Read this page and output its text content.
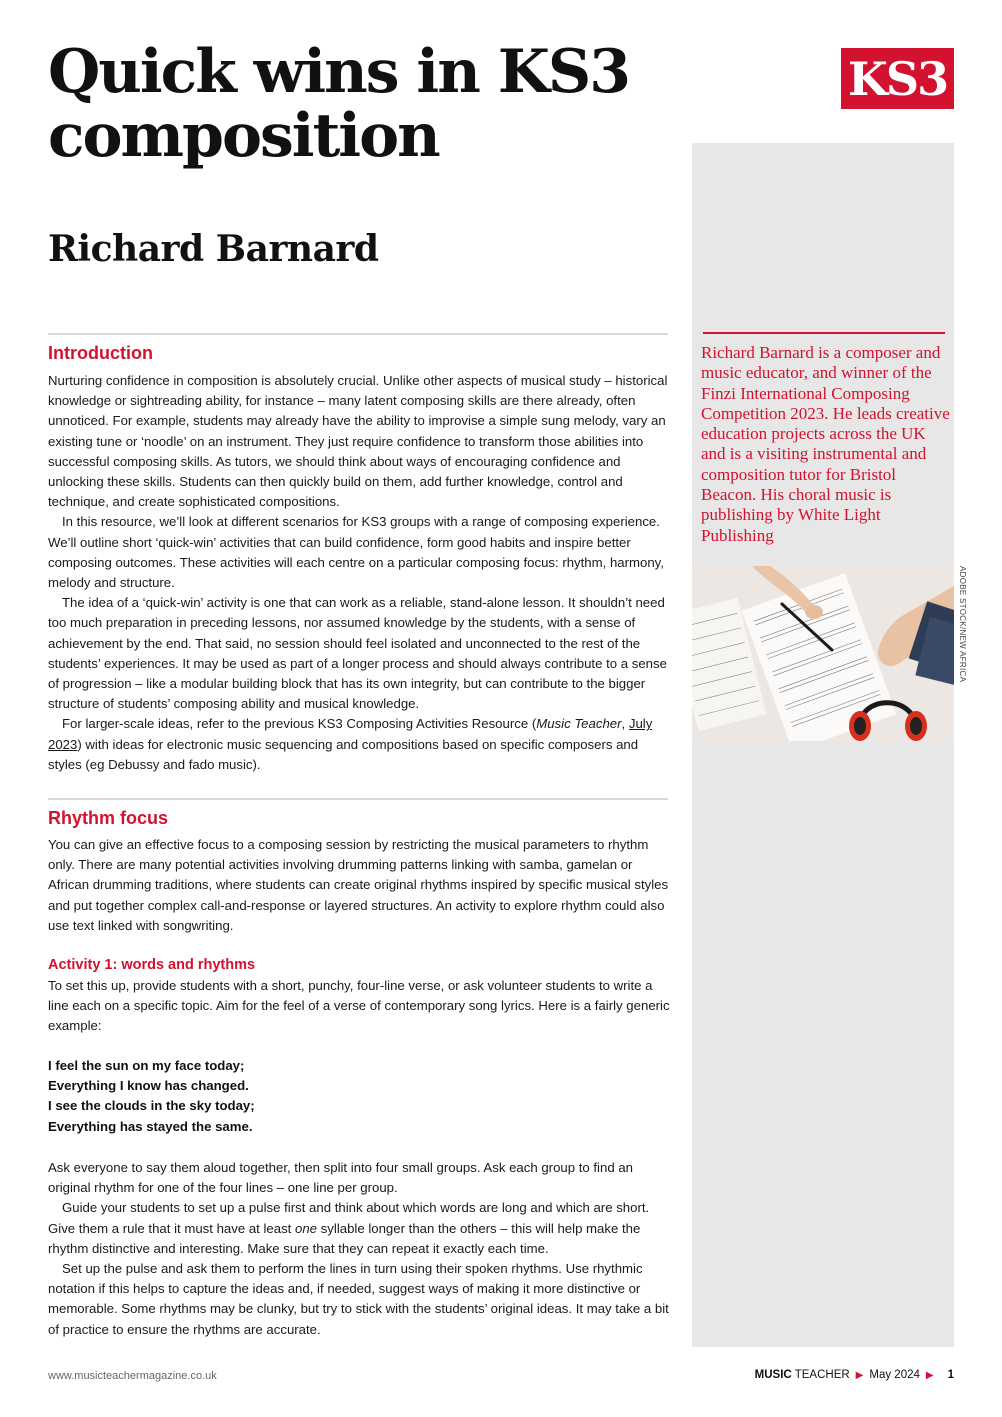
Quick wins in KS3 composition
Richard Barnard
KS3

Richard Barnard is a composer and music educator, and winner of the Finzi International Composing Competition 2023. He leads creative education projects across the UK and is a visiting instrumental and composition tutor for Bristol Beacon. His choral music is publishing by White Light Publishing

ADOBE STOCK/NEW AFRICA
Introduction

Nurturing confidence in composition is absolutely crucial. Unlike other aspects of musical study – historical knowledge or sightreading ability, for instance – many latent composing skills are there already, often unnoticed. For example, students may already have the ability to improvise a simple sung melody, vary an existing tune or ‘noodle’ on an instrument. They just require confidence to transform those abilities into successful composing skills. As tutors, we should think about ways of encouraging confidence and unlocking these skills. Students can then quickly build on them, add further knowledge, control and technique, and create sophisticated compositions.

In this resource, we’ll look at different scenarios for KS3 groups with a range of composing experience. We’ll outline short ‘quick-win’ activities that can build confidence, form good habits and inspire better composing outcomes. These activities will each centre on a particular composing focus: rhythm, harmony, melody and structure.

The idea of a ‘quick-win’ activity is one that can work as a reliable, stand-alone lesson. It shouldn’t need too much preparation in preceding lessons, nor assumed knowledge by the students, with a sense of achievement by the end. That said, no session should feel isolated and unconnected to the rest of the students’ experiences. It may be used as part of a longer process and should always contribute to a sense of progression – like a modular building block that has its own integrity, but can contribute to the bigger structure of students’ composing ability and musical knowledge.

For larger-scale ideas, refer to the previous KS3 Composing Activities Resource (Music Teacher, July 2023) with ideas for electronic music sequencing and compositions based on specific composers and styles (eg Debussy and fado music).

Rhythm focus

You can give an effective focus to a composing session by restricting the musical parameters to rhythm only. There are many potential activities involving drumming patterns linking with samba, gamelan or African drumming traditions, where students can create original rhythms inspired by specific musical styles and put together complex call-and-response or layered structures. An activity to explore rhythm could also use text linked with songwriting.

Activity 1: words and rhythms

To set this up, provide students with a short, punchy, four-line verse, or ask volunteer students to write a line each on a specific topic. Aim for the feel of a verse of contemporary song lyrics. Here is a fairly generic example:

I feel the sun on my face today;
Everything I know has changed.
I see the clouds in the sky today;
Everything has stayed the same.

Ask everyone to say them aloud together, then split into four small groups. Ask each group to find an original rhythm for one of the four lines – one line per group.

Guide your students to set up a pulse first and think about which words are long and which are short. Give them a rule that it must have at least one syllable longer than the others – this will help make the rhythm distinctive and interesting. Make sure that they can repeat it exactly each time.

Set up the pulse and ask them to perform the lines in turn using their spoken rhythms. Use rhythmic notation if this helps to capture the ideas and, if needed, suggest ways of making it more distinctive or memorable. Some rhythms may be clunky, but try to stick with the students’ original ideas. It may take a bit of practice to ensure the rhythms are accurate.

www.musicteachermagazine.co.uk	MUSIC TEACHER ▶ May 2024 ▶ 1
